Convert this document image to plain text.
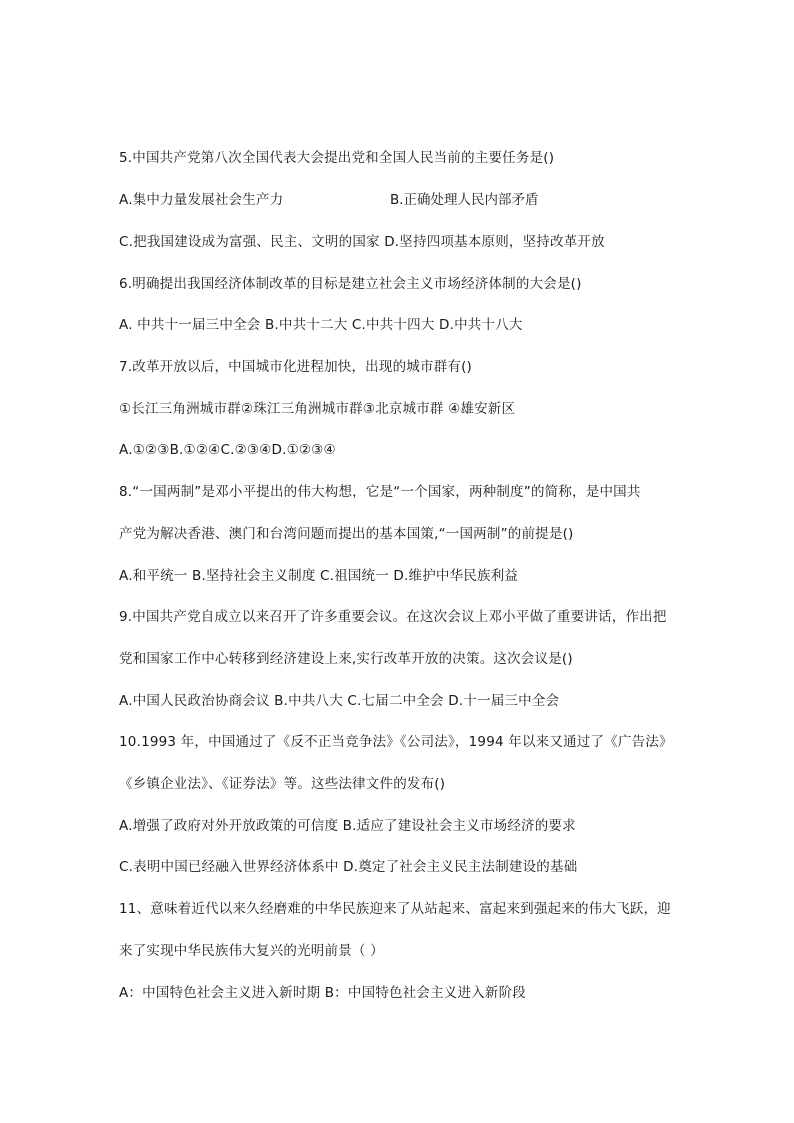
5.中国共产党第八次全国代表大会提出党和全国人民当前的主要任务是()
A.集中力量发展社会生产力	B.正确处理人民内部矛盾
C.把我国建设成为富强、民主、文明的国家 D.坚持四项基本原则，坚持改革开放
6.明确提出我国经济体制改革的目标是建立社会主义市场经济体制的大会是()
A. 中共十一届三中全会 B.中共十二大 C.中共十四大 D.中共十八大
7.改革开放以后，中国城市化进程加快，出现的城市群有()
①长江三角洲城市群②珠江三角洲城市群③北京城市群 ④雄安新区
A.①②③B.①②④C.②③④D.①②③④
8.“一国两制”是邓小平提出的伟大构想，它是“一个国家，两种制度”的简称，是中国共
产党为解决香港、澳门和台湾问题而提出的基本国策,“一国两制”的前提是()
A.和平统一 B.坚持社会主义制度 C.祖国统一 D.维护中华民族利益
9.中国共产党自成立以来召开了许多重要会议。在这次会议上邓小平做了重要讲话，作出把
党和国家工作中心转移到经济建设上来,实行改革开放的决策。这次会议是()
A.中国人民政治协商会议 B.中共八大 C.七届二中全会 D.十一届三中全会
10.1993 年，中国通过了《反不正当竞争法》《公司法》，1994 年以来又通过了《广告法》
《乡镇企业法》、《证券法》等。这些法律文件的发布()
A.增强了政府对外开放政策的可信度 B.适应了建设社会主义市场经济的要求
C.表明中国已经融入世界经济体系中 D.奠定了社会主义民主法制建设的基础
11、意味着近代以来久经磨难的中华民族迎来了从站起来、富起来到强起来的伟大飞跃，迎
来了实现中华民族伟大复兴的光明前景（ ）
A：中国特色社会主义进入新时期 B：中国特色社会主义进入新阶段
